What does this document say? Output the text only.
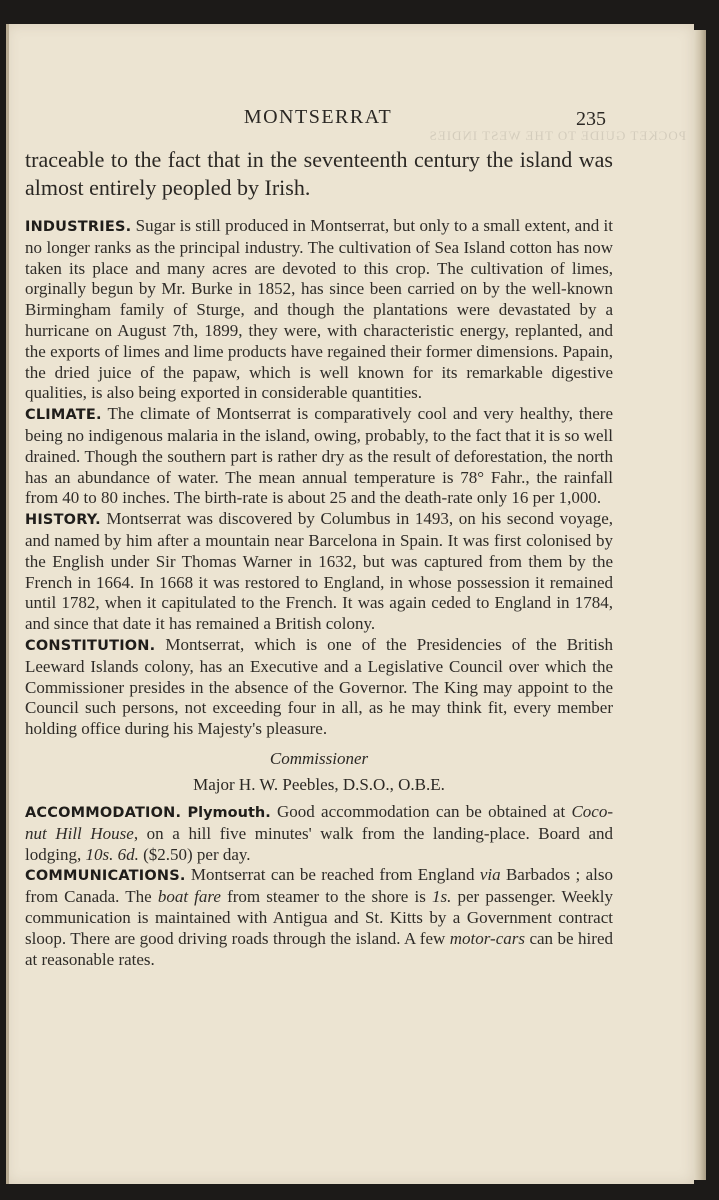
POCKET GUIDE TO THE WEST INDIES
MONTSERRAT	235

traceable to the fact that in the seventeenth century the island was almost entirely peopled by Irish.

INDUSTRIES. Sugar is still produced in Montserrat, but only to a small extent, and it no longer ranks as the principal industry. The cultivation of Sea Island cotton has now taken its place and many acres are devoted to this crop. The cultivation of limes, orginally begun by Mr. Burke in 1852, has since been carried on by the well-known Birmingham family of Sturge, and though the plantations were devastated by a hurricane on August 7th, 1899, they were, with characteristic energy, replanted, and the exports of limes and lime products have regained their former dimensions. Papain, the dried juice of the papaw, which is well known for its remarkable digestive qualities, is also being exported in considerable quantities.

CLIMATE. The climate of Montserrat is comparatively cool and very healthy, there being no indigenous malaria in the island, owing, probably, to the fact that it is so well drained. Though the southern part is rather dry as the result of deforestation, the north has an abundance of water. The mean annual temperature is 78° Fahr., the rainfall from 40 to 80 inches. The birth-rate is about 25 and the death-rate only 16 per 1,000.

HISTORY. Montserrat was discovered by Columbus in 1493, on his second voyage, and named by him after a mountain near Barcelona in Spain. It was first colonised by the English under Sir Thomas Warner in 1632, but was captured from them by the French in 1664. In 1668 it was restored to England, in whose possession it remained until 1782, when it capitulated to the French. It was again ceded to England in 1784, and since that date it has remained a British colony.

CONSTITUTION. Montserrat, which is one of the Presidencies of the British Leeward Islands colony, has an Executive and a Legislative Council over which the Commissioner presides in the absence of the Governor. The King may appoint to the Council such persons, not exceeding four in all, as he may think fit, every member holding office during his Majesty's pleasure.

Commissioner

Major H. W. Peebles, D.S.O., O.B.E.

ACCOMMODATION. Plymouth. Good accommodation can be obtained at Coco-nut Hill House, on a hill five minutes' walk from the landing-place. Board and lodging, 10s. 6d. ($2.50) per day.

COMMUNICATIONS. Montserrat can be reached from England via Barbados ; also from Canada. The boat fare from steamer to the shore is 1s. per passenger. Weekly communication is maintained with Antigua and St. Kitts by a Government contract sloop. There are good driving roads through the island. A few motor-cars can be hired at reasonable rates.
